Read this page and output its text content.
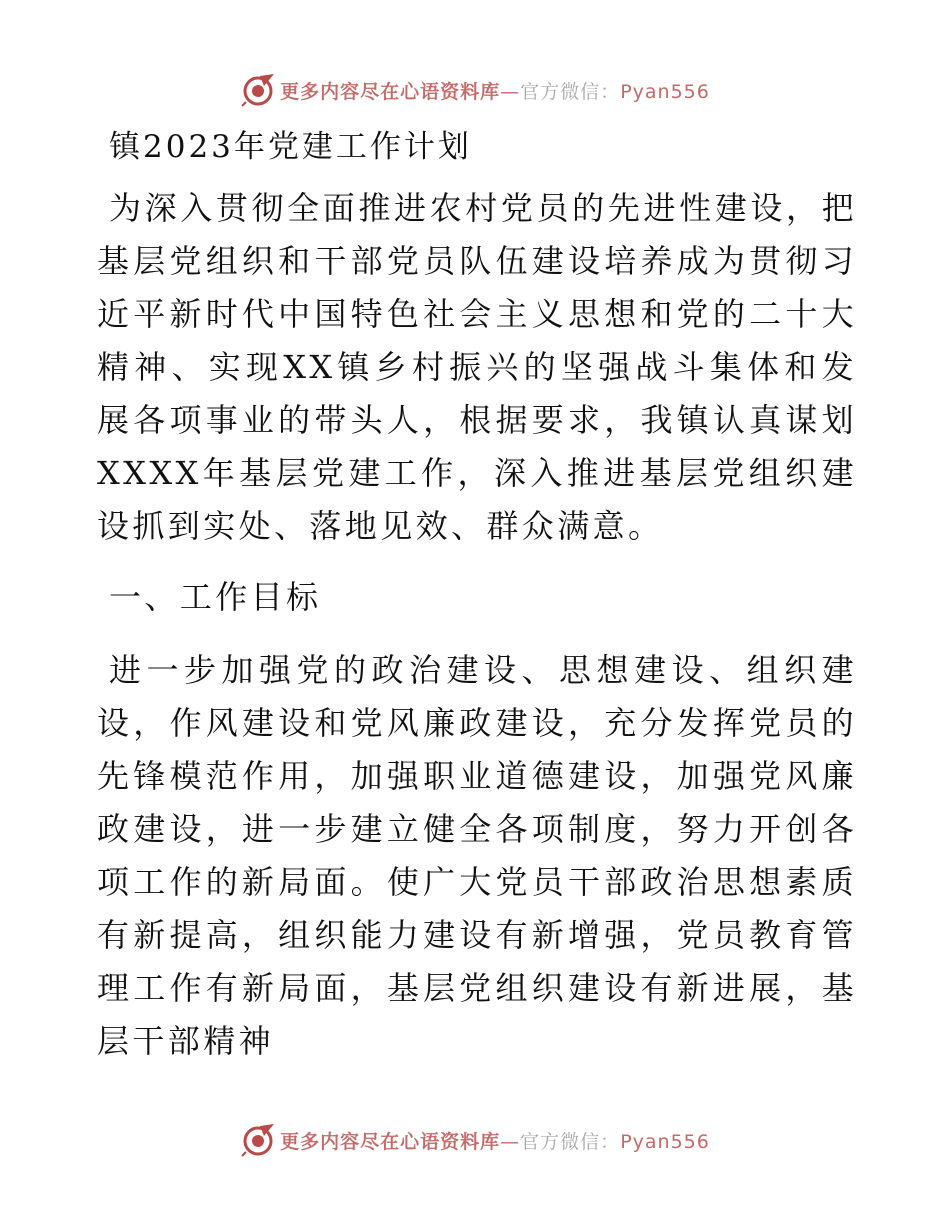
更多内容尽在心语资料库—官方微信：Pyan556
镇2023年党建工作计划

为深入贯彻全面推进农村党员的先进性建设，把基层党组织和干部党员队伍建设培养成为贯彻习近平新时代中国特色社会主义思想和党的二十大精神、实现XX镇乡村振兴的坚强战斗集体和发展各项事业的带头人，根据要求，我镇认真谋划XXXX年基层党建工作，深入推进基层党组织建设抓到实处、落地见效、群众满意。

一、工作目标

进一步加强党的政治建设、思想建设、组织建设，作风建设和党风廉政建设，充分发挥党员的先锋模范作用，加强职业道德建设，加强党风廉政建设，进一步建立健全各项制度，努力开创各项工作的新局面。使广大党员干部政治思想素质有新提高，组织能力建设有新增强，党员教育管理工作有新局面，基层党组织建设有新进展，基层干部精神

更多内容尽在心语资料库—官方微信：Pyan556
